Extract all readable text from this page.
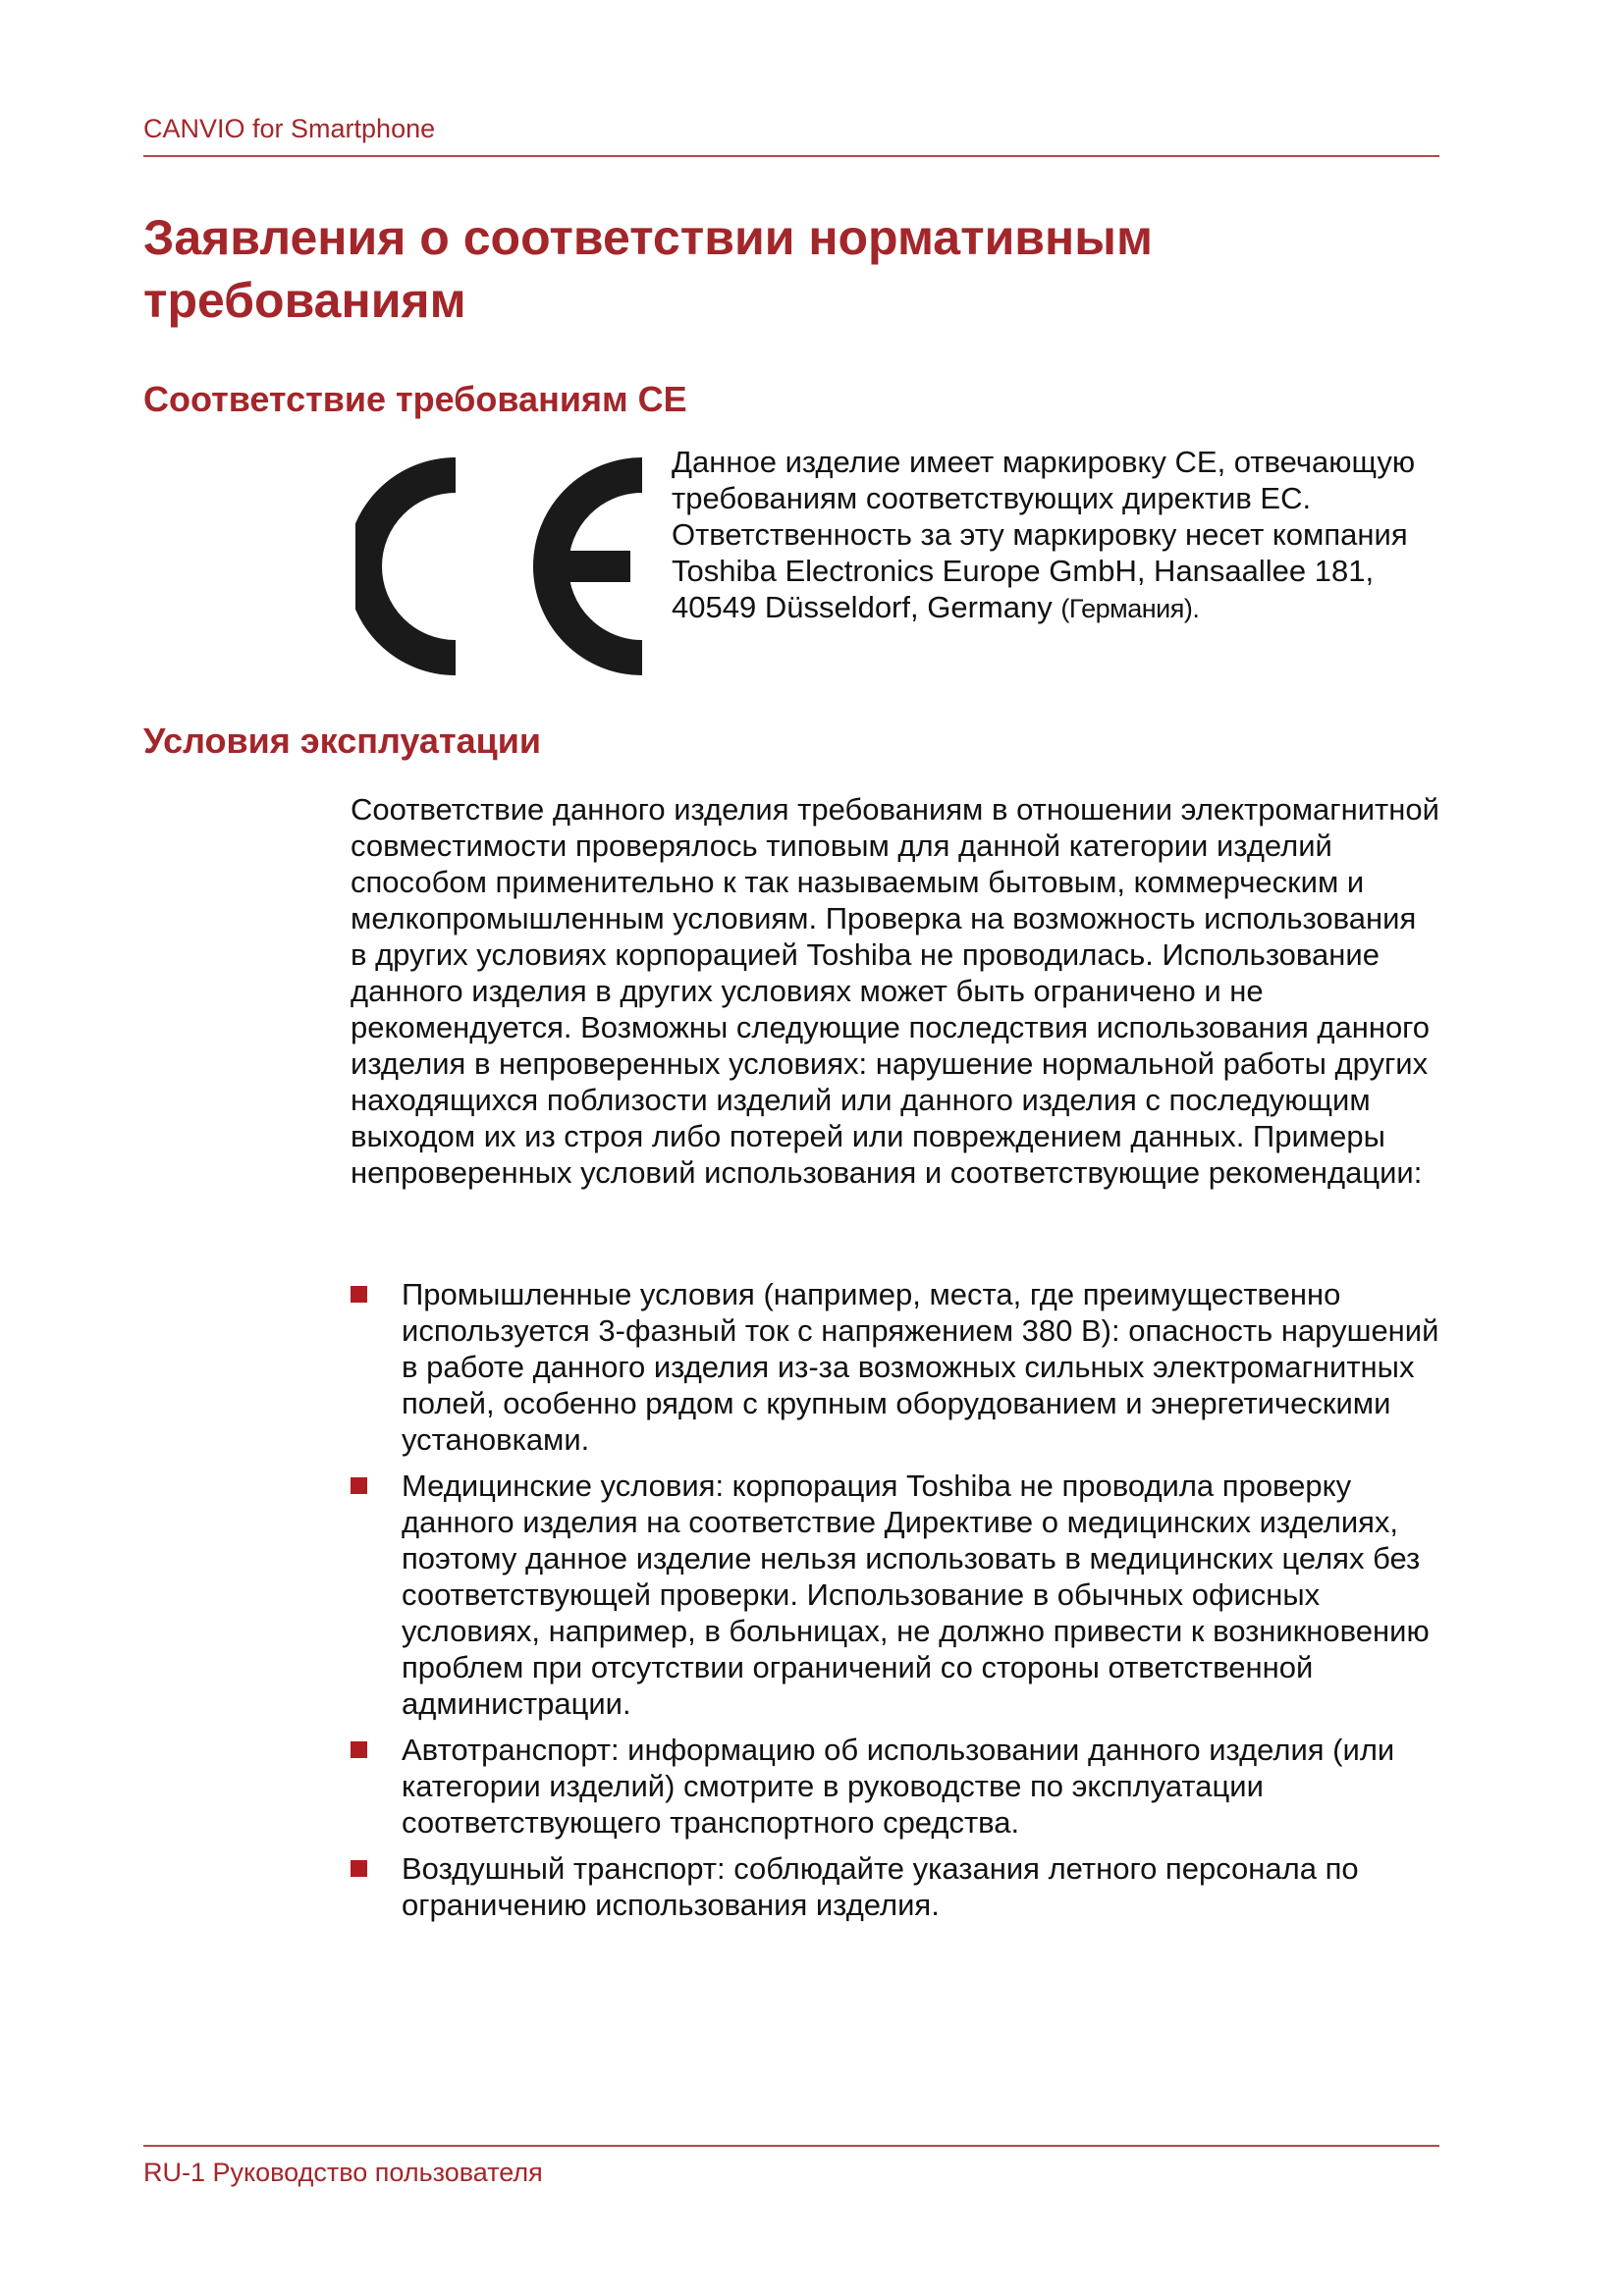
CANVIO for Smartphone
Заявления о соответствии нормативным требованиям
Соответствие требованиям CE

Данное изделие имеет маркировку CE, отвечающую требованиям соответствующих директив ЕС. Ответственность за эту маркировку несет компания Toshiba Electronics Europe GmbH, Hansaallee 181, 40549 Düsseldorf, Germany (Германия).

Условия эксплуатации

Соответствие данного изделия требованиям в отношении электромагнитной совместимости проверялось типовым для данной категории изделий способом применительно к так называемым бытовым, коммерческим и мелкопромышленным условиям. Проверка на возможность использования в других условиях корпорацией Toshiba не проводилась. Использование данного изделия в других условиях может быть ограничено и не рекомендуется. Возможны следующие последствия использования данного изделия в непроверенных условиях: нарушение нормальной работы других находящихся поблизости изделий или данного изделия с последующим выходом их из строя либо потерей или повреждением данных. Примеры непроверенных условий использования и соответствующие рекомендации:

Промышленные условия (например, места, где преимущественно используется 3-фазный ток с напряжением 380 В): опасность нарушений в работе данного изделия из-за возможных сильных электромагнитных полей, особенно рядом с крупным оборудованием и энергетическими установками.
Медицинские условия: корпорация Toshiba не проводила проверку данного изделия на соответствие Директиве о медицинских изделиях, поэтому данное изделие нельзя использовать в медицинских целях без соответствующей проверки. Использование в обычных офисных условиях, например, в больницах, не должно привести к возникновению проблем при отсутствии ограничений со стороны ответственной администрации.
Автотранспорт: информацию об использовании данного изделия (или категории изделий) смотрите в руководстве по эксплуатации соответствующего транспортного средства.
Воздушный транспорт: соблюдайте указания летного персонала по ограничению использования изделия.
RU-1 Руководство пользователя
